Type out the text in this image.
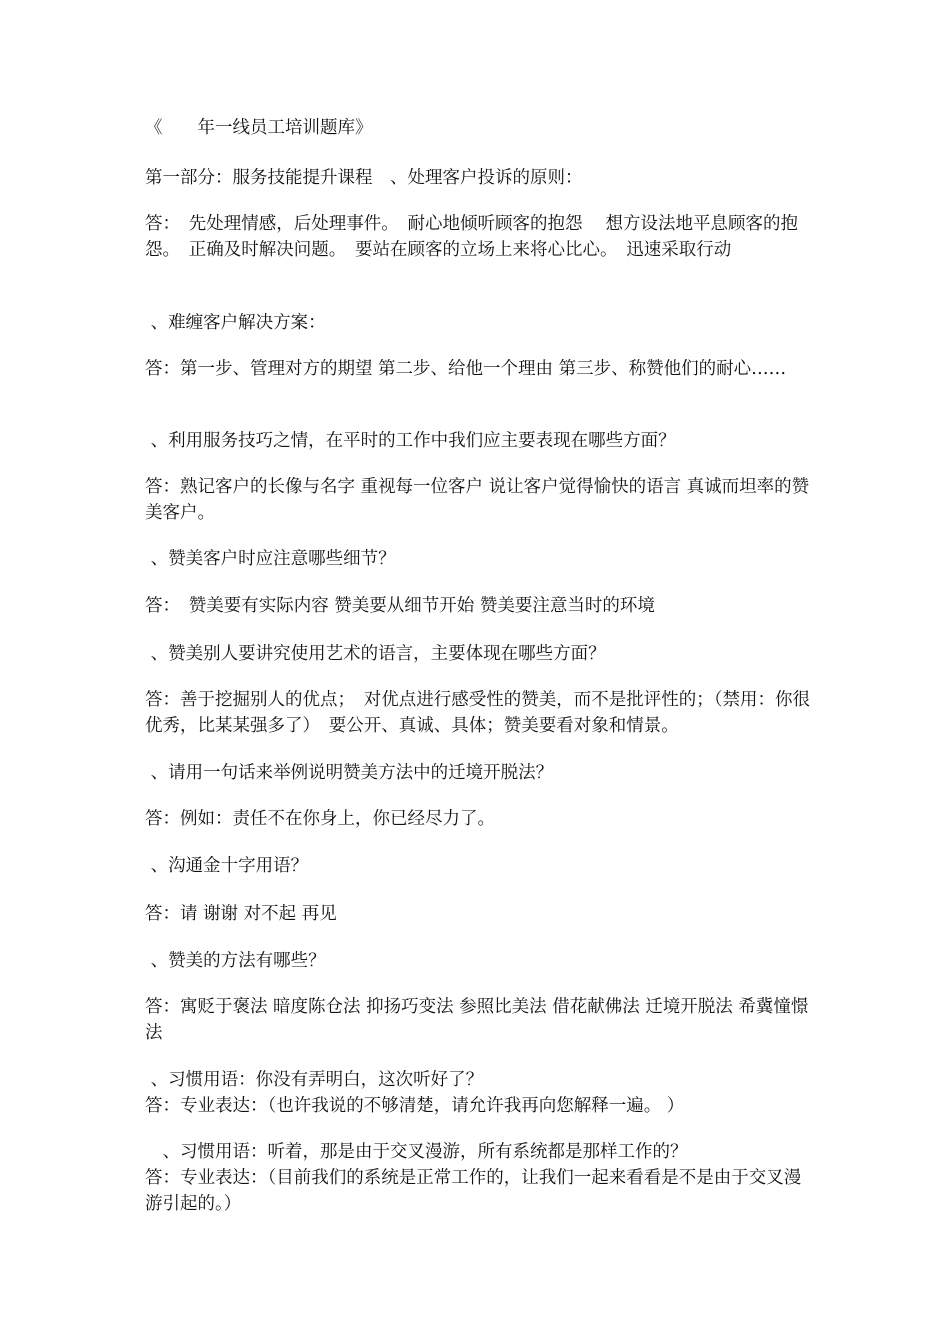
《　　年一线员工培训题库》

第一部分：服务技能提升课程　、处理客户投诉的原则：

答：　先处理情感，后处理事件。　耐心地倾听顾客的抱怨　 想方设法地平息顾客的抱怨。　正确及时解决问题。　要站在顾客的立场上来将心比心。　迅速采取行动

、难缠客户解决方案：

答：第一步、管理对方的期望 第二步、给他一个理由 第三步、称赞他们的耐心……

、利用服务技巧之情，在平时的工作中我们应主要表现在哪些方面？

答：熟记客户的长像与名字 重视每一位客户 说让客户觉得愉快的语言 真诚而坦率的赞美客户。

、赞美客户时应注意哪些细节？

答：　赞美要有实际内容 赞美要从细节开始 赞美要注意当时的环境

、赞美别人要讲究使用艺术的语言，主要体现在哪些方面？

答：善于挖掘别人的优点；　对优点进行感受性的赞美，而不是批评性的；（禁用：你很优秀，比某某强多了）　要公开、真诚、具体；赞美要看对象和情景。

、请用一句话来举例说明赞美方法中的迁境开脱法？

答：例如：责任不在你身上，你已经尽力了。

、沟通金十字用语？

答：请 谢谢 对不起 再见

、赞美的方法有哪些？

答：寓贬于褒法 暗度陈仓法 抑扬巧变法 参照比美法 借花献佛法 迁境开脱法 希冀憧憬法

、习惯用语：你没有弄明白，这次听好了？

答：专业表达：（也许我说的不够清楚，请允许我再向您解释一遍。 ）

　、习惯用语：听着，那是由于交叉漫游，所有系统都是那样工作的？

答：专业表达：（目前我们的系统是正常工作的，让我们一起来看看是不是由于交叉漫游引起的。）
